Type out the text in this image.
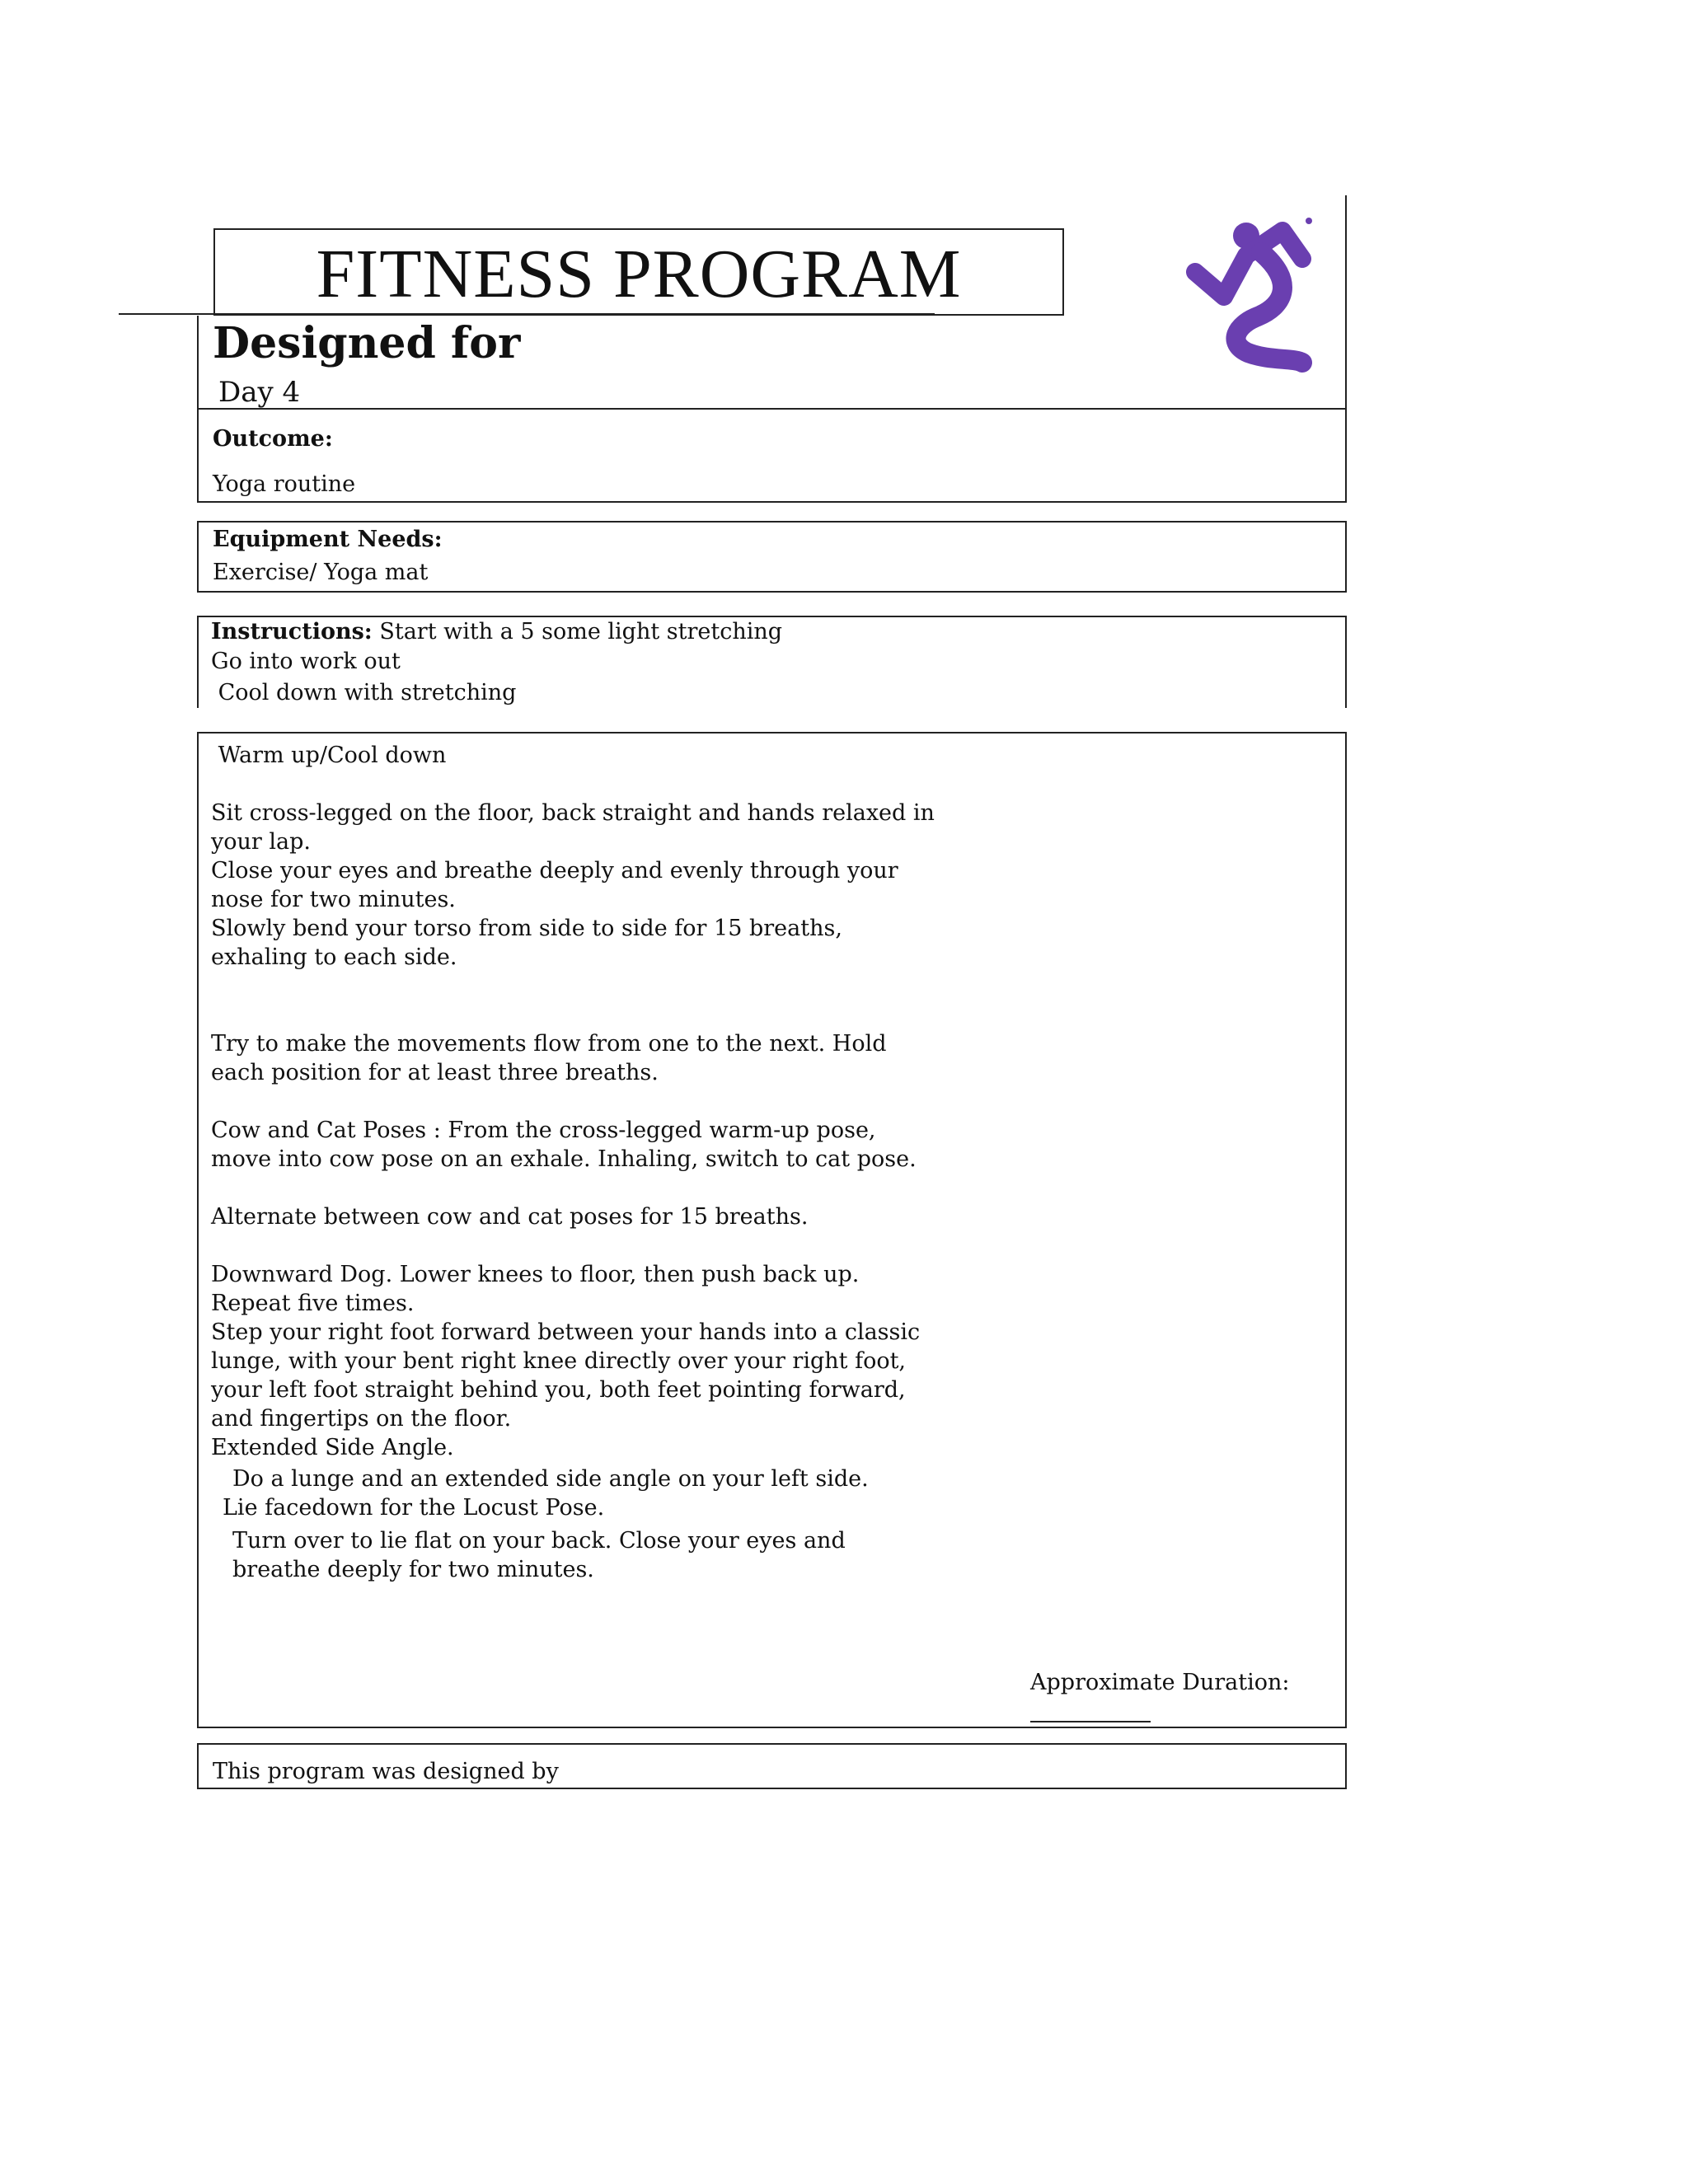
FITNESS PROGRAM
Designed for
Day 4
Outcome:
Yoga routine
Equipment Needs:
Exercise/ Yoga mat
Instructions: Start with a 5 some light stretching
Go into work out
Cool down with stretching
Warm up/Cool down
Sit cross-legged on the floor, back straight and hands relaxed in
your lap.
Close your eyes and breathe deeply and evenly through your
nose for two minutes.
Slowly bend your torso from side to side for 15 breaths,
exhaling to each side.
Try to make the movements flow from one to the next. Hold
each position for at least three breaths.
Cow and Cat Poses : From the cross-legged warm-up pose,
move into cow pose on an exhale. Inhaling, switch to cat pose.
Alternate between cow and cat poses for 15 breaths.
Downward Dog. Lower knees to floor, then push back up.
Repeat five times.
Step your right foot forward between your hands into a classic
lunge, with your bent right knee directly over your right foot,
your left foot straight behind you, both feet pointing forward,
and fingertips on the floor.
Extended Side Angle.
Do a lunge and an extended side angle on your left side.
Lie facedown for the Locust Pose.
Turn over to lie flat on your back. Close your eyes and
breathe deeply for two minutes.
Approximate Duration:
This program was designed by
